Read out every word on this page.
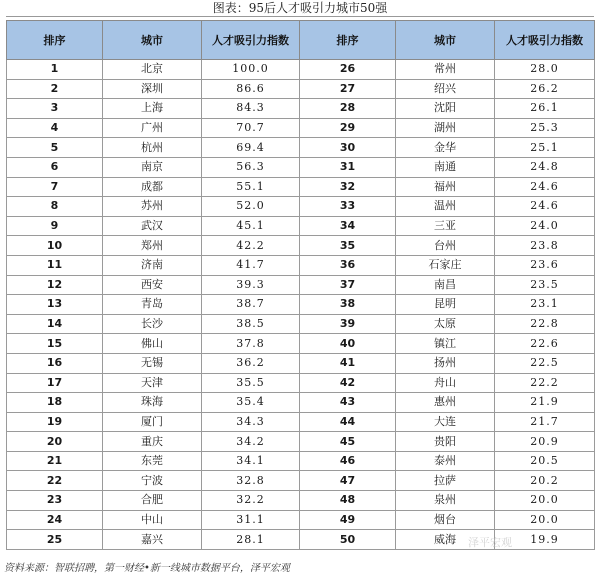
图表：95后人才吸引力城市50强
排序	城市	人才吸引力指数	排序	城市	人才吸引力指数
1	北京	100.0	26	常州	28.0
2	深圳	86.6	27	绍兴	26.2
3	上海	84.3	28	沈阳	26.1
4	广州	70.7	29	湖州	25.3
5	杭州	69.4	30	金华	25.1
6	南京	56.3	31	南通	24.8
7	成都	55.1	32	福州	24.6
8	苏州	52.0	33	温州	24.6
9	武汉	45.1	34	三亚	24.0
10	郑州	42.2	35	台州	23.8
11	济南	41.7	36	石家庄	23.6
12	西安	39.3	37	南昌	23.5
13	青岛	38.7	38	昆明	23.1
14	长沙	38.5	39	太原	22.8
15	佛山	37.8	40	镇江	22.6
16	无锡	36.2	41	扬州	22.5
17	天津	35.5	42	舟山	22.2
18	珠海	35.4	43	惠州	21.9
19	厦门	34.3	44	大连	21.7
20	重庆	34.2	45	贵阳	20.9
21	东莞	34.1	46	泰州	20.5
22	宁波	32.8	47	拉萨	20.2
23	合肥	32.2	48	泉州	20.0
24	中山	31.1	49	烟台	20.0
25	嘉兴	28.1	50	威海	19.9
泽平宏观
资料来源：智联招聘，第一财经•新一线城市数据平台，泽平宏观
